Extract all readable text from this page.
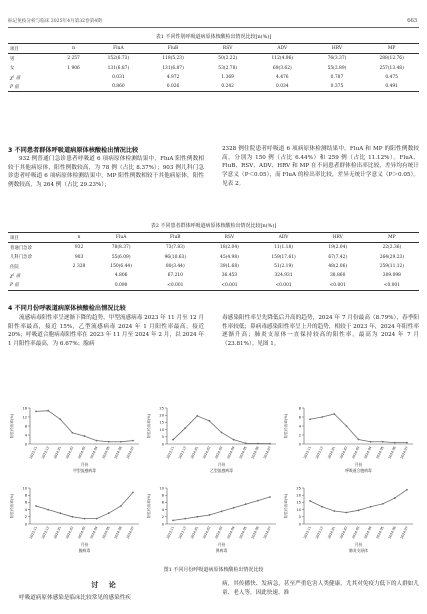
标记免疫分析与临床 2025年4月第32卷第4期	663
表1 不同性别呼吸道病原体核酸检出情况比较[n(%)]
项目	n	FluA	FluB	RSV	ADV	HRV	MP
男	2 257	152(6.73)	118(5.23)	50(2.22)	112(4.96)	76(3.37)	288(12.76)
女	1 906	131(6.87)	131(6.87)	53(2.78)	69(3.62)	55(2.89)	257(13.48)
χ² 值		0.031	4.972	1.369	4.476	0.787	0.475
P 值		0.860	0.026	0.242	0.034	0.375	0.491
3 不同患者群体呼吸道病原体核酸检出情况比较
932 例普通门急诊患者呼吸道 6 项病原体检测结果中，FluA 阳性例数相较于其他病原体，阳性例数较高，为 78 例（占比 8.37%）；903 例儿科门急诊患者呼吸道 6 项病原体检测结果中，MP 阳性例数相较于其他病原体，阳性例数较高，为 264 例（占比 29.23%）；
2328 例住院患者呼吸道 6 项病原体检测结果中，FluA 和 MP 的阳性例数较高，分别为 150 例（占比 6.44%）和 259 例（占比 11.12%）。FluA、FluB、RSV、ADV、HRV 和 MP 在不同患者群体检出率比较，差异均有统计学意义（P＜0.05），而 FluA 的检出率比较，差异无统计学意义（P＞0.05）。见表 2。
表2 不同患者群体呼吸道病原体核酸检出情况比较[n(%)]
项目	n	FluA	FluB	RSV	ADV	HRV	MP
普通门急诊	932	78(8.37)	73(7.83)	18(2.04)	11(1.18)	19(2.04)	22(2.36)
儿科门急诊	903	55(6.09)	96(10.63)	45(4.98)	159(17.61)	67(7.42)	264(29.23)
住院	2 328	150(6.44)	80(3.44)	39(1.68)	51(2.19)	48(2.06)	259(11.12)
χ² 值		4.806	67.210	36.453	324.931	38.860	309.098
P 值		0.090	<0.001	<0.001	<0.001	<0.001	<0.001
4 不同月份呼吸道病原体核酸检出情况比较
流感病毒阳性率呈逐渐下降的趋势，甲型流感病毒 2023 年 11 月至 12 月阳性率最高，接近 15%，乙型流感病毒 2024 年 1 月阳性率最高，接近 20%；呼吸道合胞病毒阳性率在 2023 年 11 月至 2024 年 2 月，以 2024 年 1 月阳性率最高，为 6.67%；腺病
毒感染阳性率呈先降低后升高的趋势，2024 年 7 月份最高（8.79%），春季阳性率较低；鼻病毒感染阳性率呈上升的趋势，相较于 2023 年，2024 年阳性率逐渐升高；肺炎支原体一直保持较高的阳性率，最高为 2024 年 7 月（23.81%）。见图 1。
0
4
8
12
16
阳性检出率(%)
2023.11 2023.12 2024.01 2024.02 2024.03 2024.04 2024.05 2024.06 2024.07
月份
甲型流感病毒
0
5
10
15
20
25
阳性检出率(%)
2023.11 2023.12 2024.01 2024.02 2024.03 2024.04 2024.05 2024.06 2024.07
月份
乙型流感病毒
0
2
4
6
8
阳性检出率(%)
2023.11 2023.12 2024.01 2024.02 2024.03 2024.04 2024.05 2024.06 2024.07
月份
呼吸道合胞病毒
0
2
4
6
8
10
阳性检出率(%)
2023.11 2023.12 2024.01 2024.02 2024.03 2024.04 2024.05 2024.06 2024.07
月份
腺病毒
0
2
4
6
8
10
阳性检出率(%)
2023.11 2023.12 2024.01 2024.02 2024.03 2024.04 2024.05 2024.06 2024.07
月份
鼻病毒
0
5
10
15
20
25
阳性检出率(%)
2023.11 2023.12 2024.01 2024.02 2024.03 2024.04 2024.05 2024.06 2024.07
月份
肺炎支原体
图1 不同月份呼吸道病原体核酸检出情况比较
讨 论
呼吸道病原体感染是临床比较常见的感染性疾
病，其传播快、发病急，甚至严重危害人类健康，尤其对免疫力低下的人群如儿童、老人等，因此快速、准
